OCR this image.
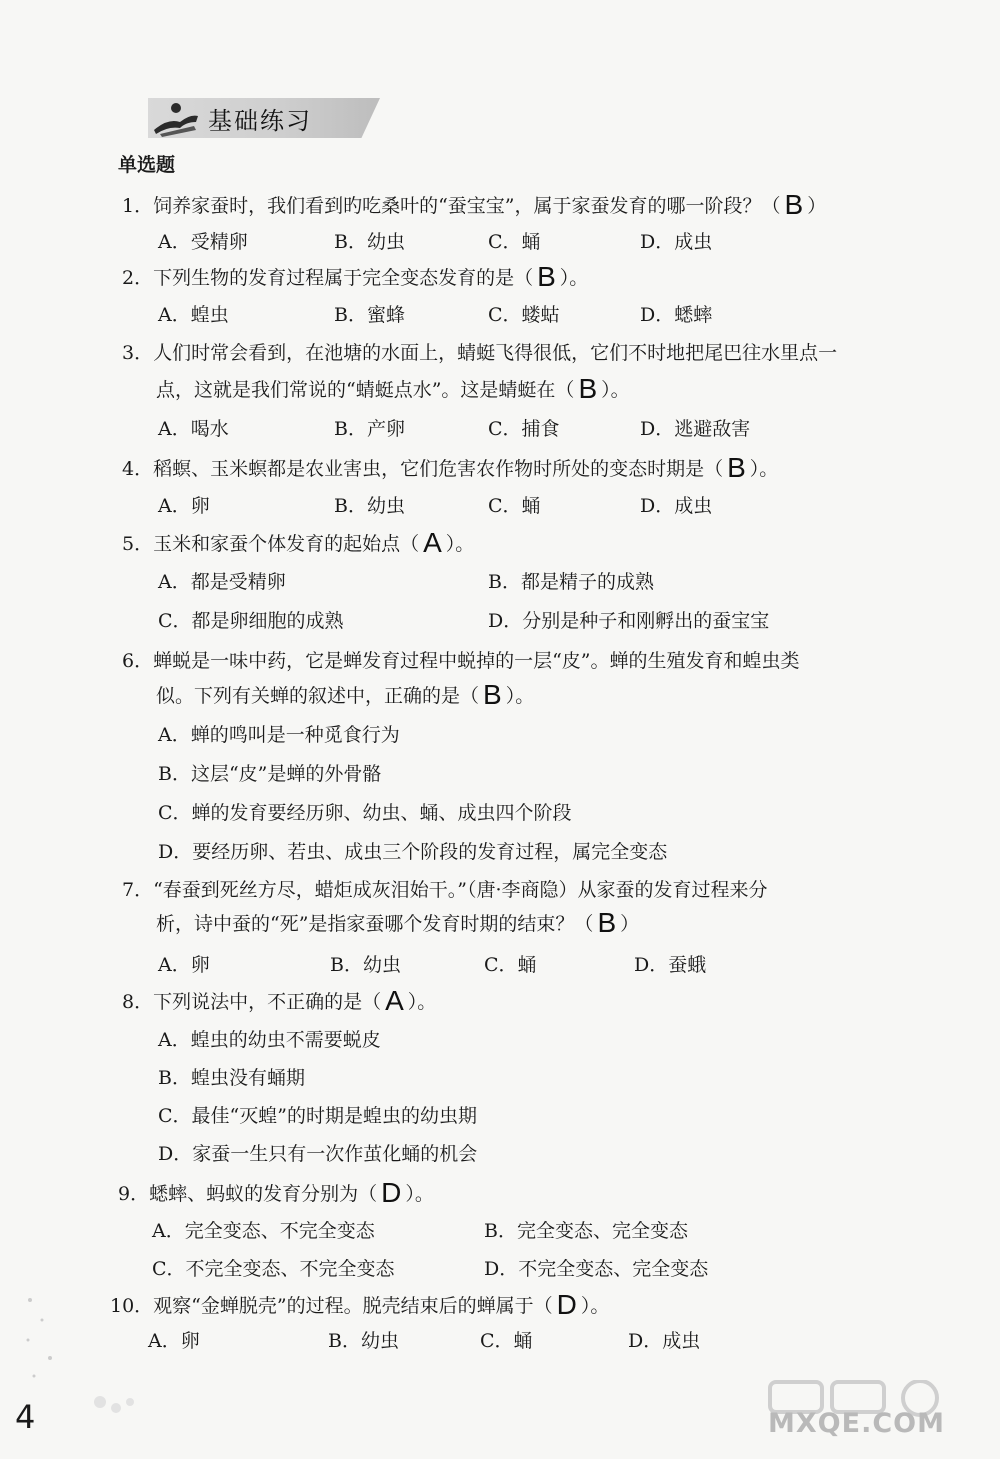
基础练习
单选题
1．饲养家蚕时，我们看到旳吃桑叶的“蚕宝宝”，属于家蚕发育的哪一阶段？（ B ）
A．受精卵	B．幼虫	C．蛹	D．成虫
2．下列生物的发育过程属于完全变态发育的是（ B ）。
A．蝗虫	B．蜜蜂	C．蝼蛄	D．蟋蟀
3．人们时常会看到，在池塘的水面上，蜻蜓飞得很低，它们不时地把尾巴往水里点一
点，这就是我们常说的“蜻蜓点水”。这是蜻蜓在（ B ）。
A．喝水	B．产卵	C．捕食	D．逃避敌害
4．稻螟、玉米螟都是农业害虫，它们危害农作物时所处的变态时期是（ B ）。
A．卵	B．幼虫	C．蛹	D．成虫
5．玉米和家蚕个体发育的起始点（ A ）。
A．都是受精卵	B．都是精子的成熟
C．都是卵细胞的成熟	D．分别是种子和刚孵出的蚕宝宝
6．蝉蜕是一味中药，它是蝉发育过程中蜕掉的一层“皮”。蝉的生殖发育和蝗虫类
似。下列有关蝉的叙述中，正确的是（ B ）。
A．蝉的鸣叫是一种觅食行为
B．这层“皮”是蝉的外骨骼
C．蝉的发育要经历卵、幼虫、蛹、成虫四个阶段
D．要经历卵、若虫、成虫三个阶段的发育过程，属完全变态
7．“春蚕到死丝方尽，蜡炬成灰泪始干。”（唐·李商隐）从家蚕的发育过程来分
析，诗中蚕的“死”是指家蚕哪个发育时期的结束？（ B ）
A．卵	B．幼虫	C．蛹	D．蚕蛾
8．下列说法中，不正确的是（ A ）。
A．蝗虫的幼虫不需要蜕皮
B．蝗虫没有蛹期
C．最佳“灭蝗”的时期是蝗虫的幼虫期
D．家蚕一生只有一次作茧化蛹的机会
9．蟋蟀、蚂蚁的发育分别为（ D ）。
A．完全变态、不完全变态	B．完全变态、完全变态
C．不完全变态、不完全变态	D．不完全变态、完全变态
10．观察“金蝉脱壳”的过程。脱壳结束后的蝉属于（ D ）。
A．卵	B．幼虫	C．蛹	D．成虫
4	MXQE.COM
